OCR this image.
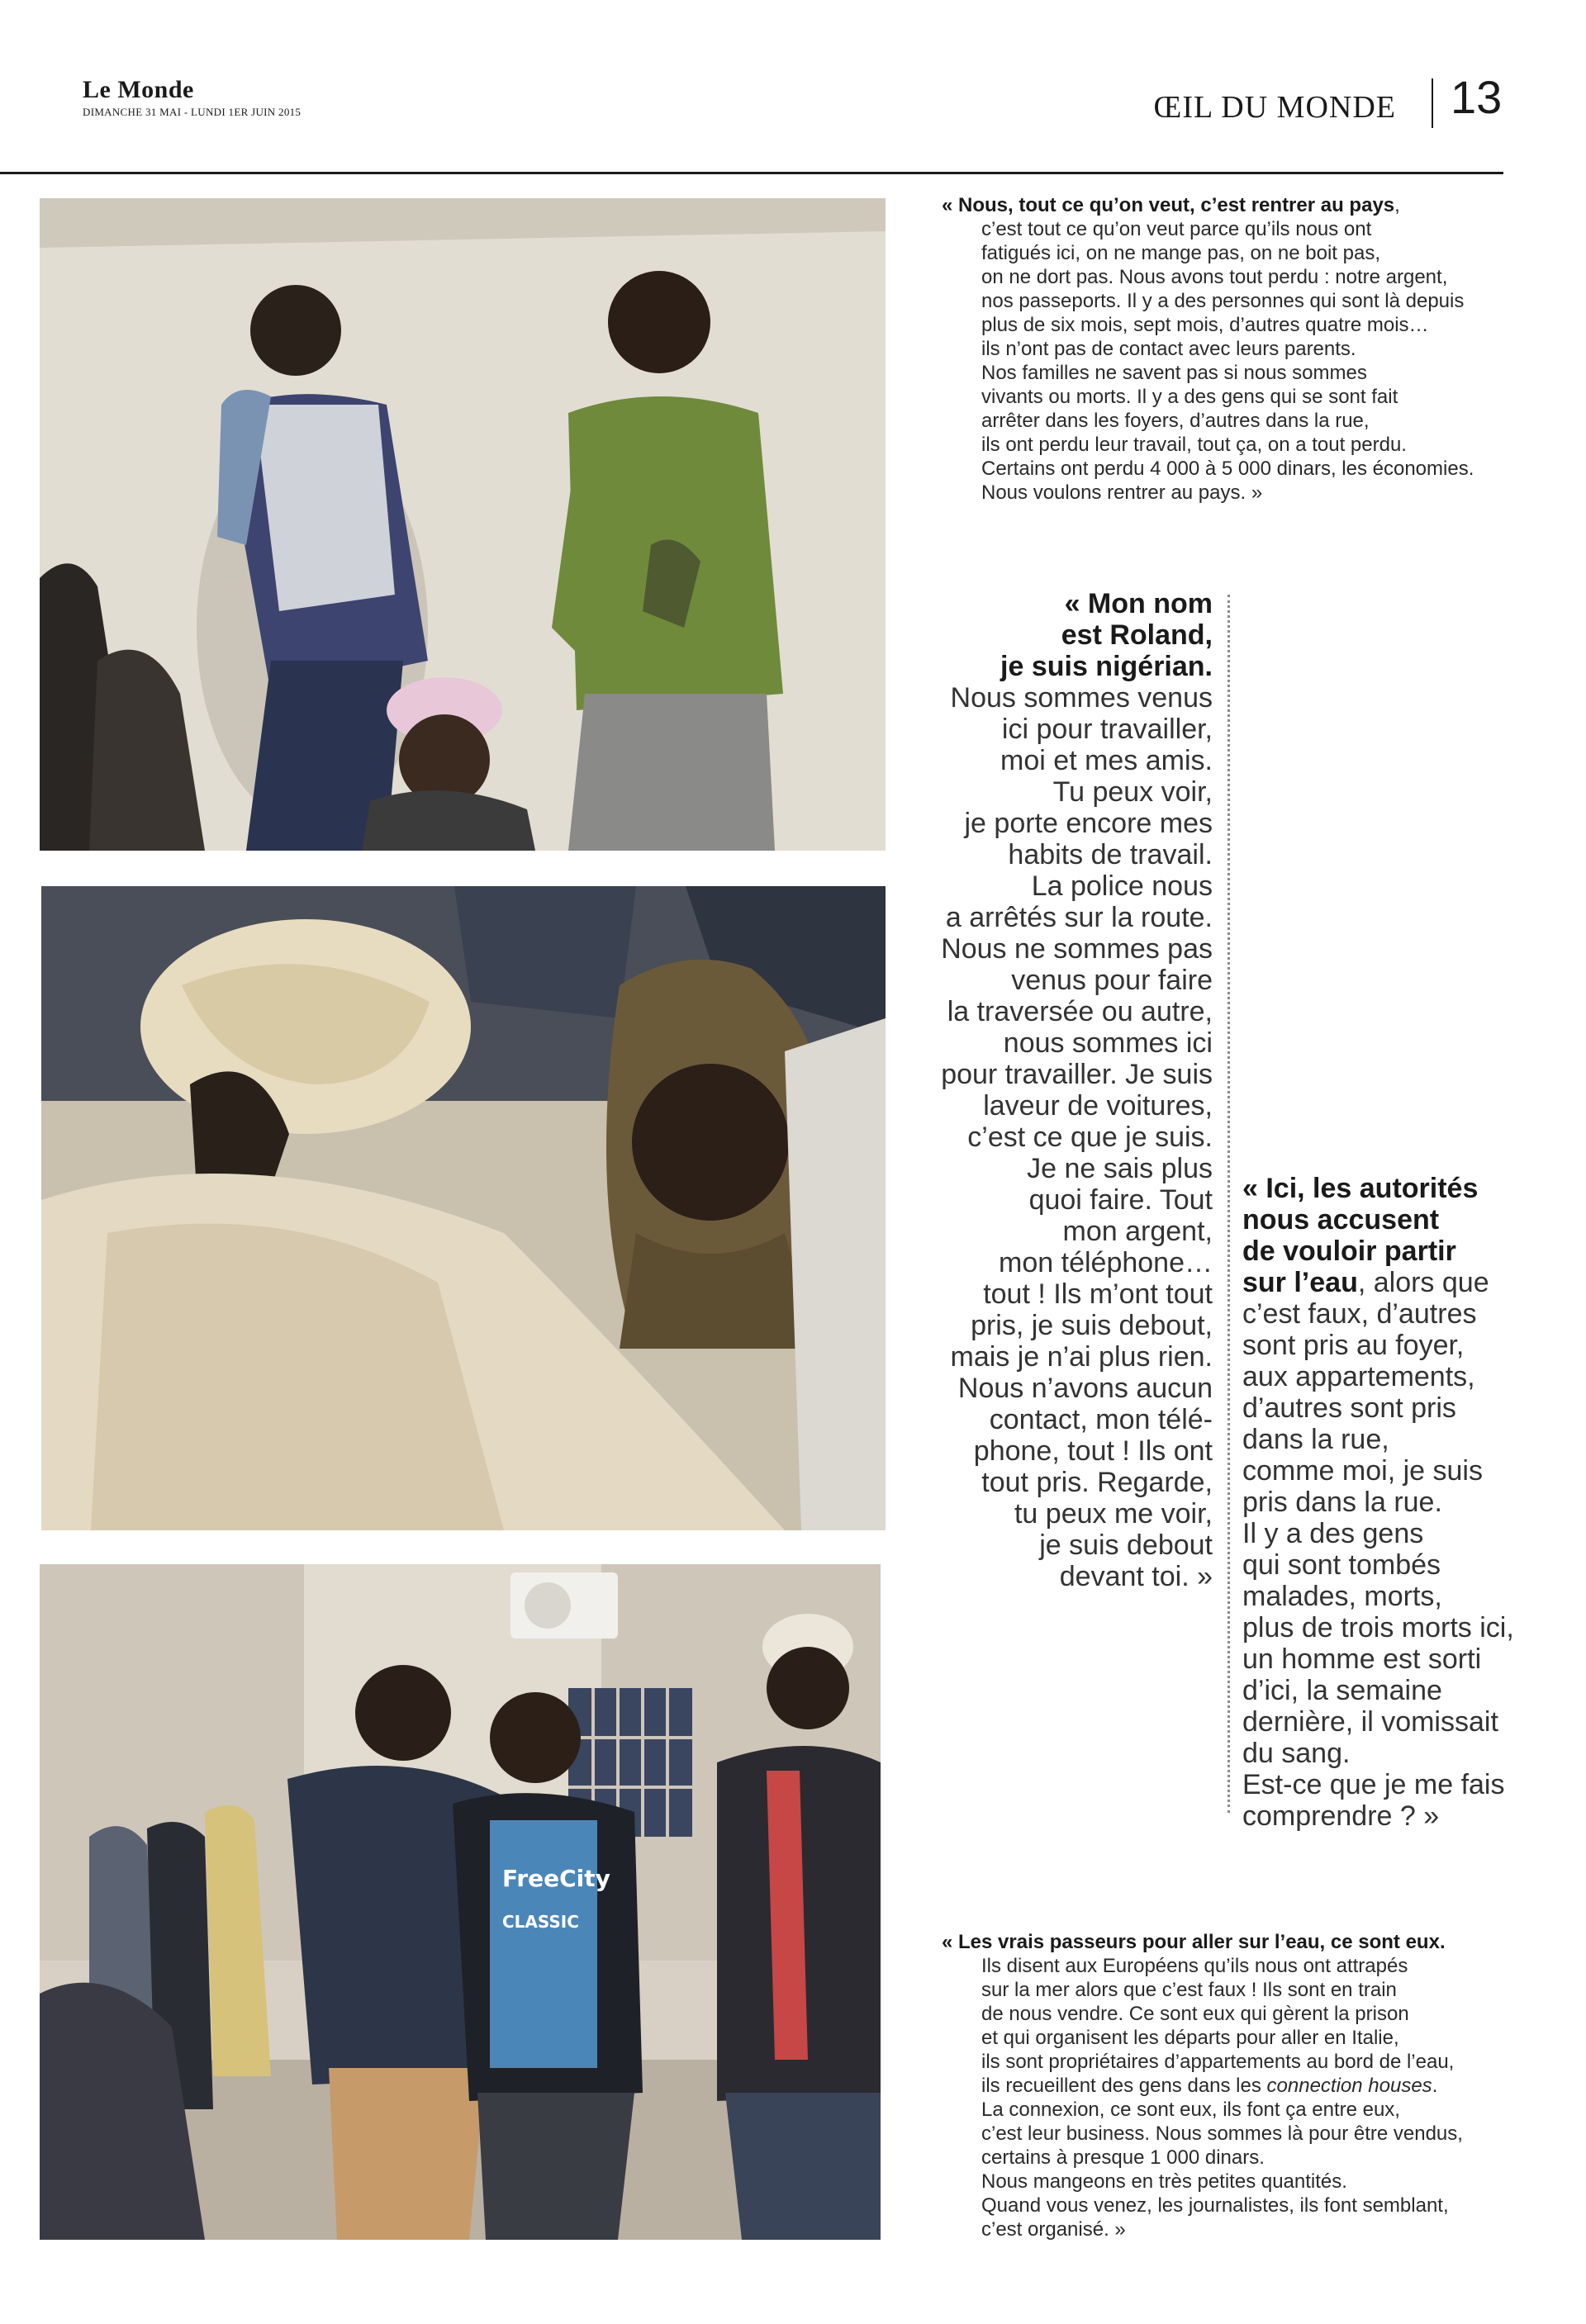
Le Monde
DIMANCHE 31 MAI - LUNDI 1ER JUIN 2015	ŒIL DU MONDE 13
FreeCity
CLASSIC
« Nous, tout ce qu’on veut, c’est rentrer au pays,
c’est tout ce qu’on veut parce qu’ils nous ont
fatigués ici, on ne mange pas, on ne boit pas,
on ne dort pas. Nous avons tout perdu : notre argent,
nos passeports. Il y a des personnes qui sont là depuis
plus de six mois, sept mois, d’autres quatre mois…
ils n’ont pas de contact avec leurs parents.
Nos familles ne savent pas si nous sommes
vivants ou morts. Il y a des gens qui se sont fait
arrêter dans les foyers, d’autres dans la rue,
ils ont perdu leur travail, tout ça, on a tout perdu.
Certains ont perdu 4 000 à 5 000 dinars, les économies.
Nous voulons rentrer au pays. »
« Mon nom
est Roland,
je suis nigérian.
Nous sommes venus
ici pour travailler,
moi et mes amis.
Tu peux voir,
je porte encore mes
habits de travail.
La police nous
a arrêtés sur la route.
Nous ne sommes pas
venus pour faire
la traversée ou autre,
nous sommes ici
pour travailler. Je suis
laveur de voitures,
c’est ce que je suis.
Je ne sais plus
quoi faire. Tout
mon argent,
mon téléphone…
tout ! Ils m’ont tout
pris, je suis debout,
mais je n’ai plus rien.
Nous n’avons aucun
contact, mon télé-
phone, tout ! Ils ont
tout pris. Regarde,
tu peux me voir,
je suis debout
devant toi. »
« Ici, les autorités
nous accusent
de vouloir partir
sur l’eau, alors que
c’est faux, d’autres
sont pris au foyer,
aux appartements,
d’autres sont pris
dans la rue,
comme moi, je suis
pris dans la rue.
Il y a des gens
qui sont tombés
malades, morts,
plus de trois morts ici,
un homme est sorti
d’ici, la semaine
dernière, il vomissait
du sang.
Est-ce que je me fais
comprendre ? »
« Les vrais passeurs pour aller sur l’eau, ce sont eux.
Ils disent aux Européens qu’ils nous ont attrapés
sur la mer alors que c’est faux ! Ils sont en train
de nous vendre. Ce sont eux qui gèrent la prison
et qui organisent les départs pour aller en Italie,
ils sont propriétaires d’appartements au bord de l’eau,
ils recueillent des gens dans les connection houses.
La connexion, ce sont eux, ils font ça entre eux,
c’est leur business. Nous sommes là pour être vendus,
certains à presque 1 000 dinars.
Nous mangeons en très petites quantités.
Quand vous venez, les journalistes, ils font semblant,
c’est organisé. »
